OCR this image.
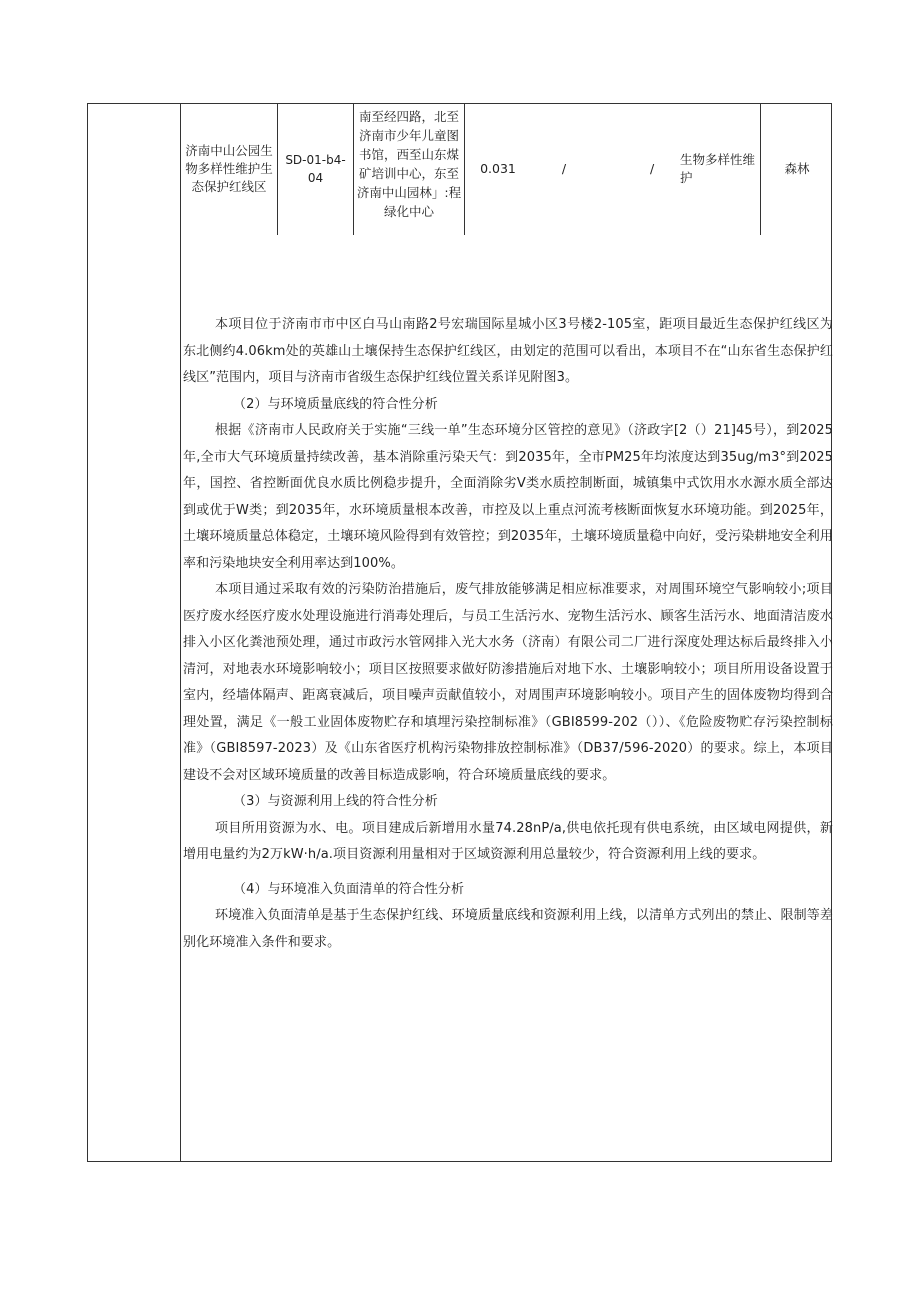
济南中山公园生物多样性维护生态保护红线区
SD-01-b4-04
南至经四路，北至济南市少年儿童图书馆，西至山东煤矿培训中心，东至济南中山园林」:程绿化中心
0.031	/	/
生物多样性维护
森林

本项目位于济南市市中区白马山南路2号宏瑞国际星城小区3号楼2-105室，距项目最近生态保护红线区为东北侧约4.06km处的英雄山土壤保持生态保护红线区，由划定的范围可以看出，本项目不在“山东省生态保护红线区”范围内，项目与济南市省级生态保护红线位置关系详见附图3。

（2）与环境质量底线的符合性分析

根据《济南市人民政府关于实施“三线一单”生态环境分区管控的意见》（济政字[2（）21]45号），到2025年,全市大气环境质量持续改善，基本消除重污染天气：到2035年，全市PM25年均浓度达到35ug∕m3°到2025年，国控、省控断面优良水质比例稳步提升，全面消除劣V类水质控制断面，城镇集中式饮用水水源水质全部达到或优于W类；到2035年，水环境质量根本改善，市控及以上重点河流考核断面恢复水环境功能。到2025年，土壤环境质量总体稳定，土壤环境风险得到有效管控；到2035年，土壤环境质量稳中向好，受污染耕地安全利用率和污染地块安全利用率达到100%。

本项目通过采取有效的污染防治措施后，废气排放能够满足相应标准要求，对周围环境空气影响较小;项目医疗废水经医疗废水处理设施进行消毒处理后，与员工生活污水、宠物生活污水、顾客生活污水、地面清洁废水排入小区化粪池预处理，通过市政污水管网排入光大水务（济南）有限公司二厂进行深度处理达标后最终排入小清河，对地表水环境影响较小；项目区按照要求做好防渗措施后对地下水、土壤影响较小；项目所用设备设置于室内，经墙体隔声、距离衰减后，项目噪声贡献值较小，对周围声环境影响较小。项目产生的固体废物均得到合理处置，满足《一般工业固体废物贮存和填埋污染控制标准》（GBI8599-202（））、《危险废物贮存污染控制标准》（GBI8597-2023）及《山东省医疗机构污染物排放控制标准》（DB37/596-2020）的要求。综上，本项目建设不会对区域环境质量的改善目标造成影响，符合环境质量底线的要求。

（3）与资源利用上线的符合性分析

项目所用资源为水、电。项目建成后新增用水量74.28nP∕a,供电依托现有供电系统，由区域电网提供，新增用电量约为2万kW·h∕a.项目资源利用量相对于区域资源利用总量较少，符合资源利用上线的要求。

（4）与环境准入负面清单的符合性分析

环境准入负面清单是基于生态保护红线、环境质量底线和资源利用上线，以清单方式列出的禁止、限制等差别化环境准入条件和要求。
